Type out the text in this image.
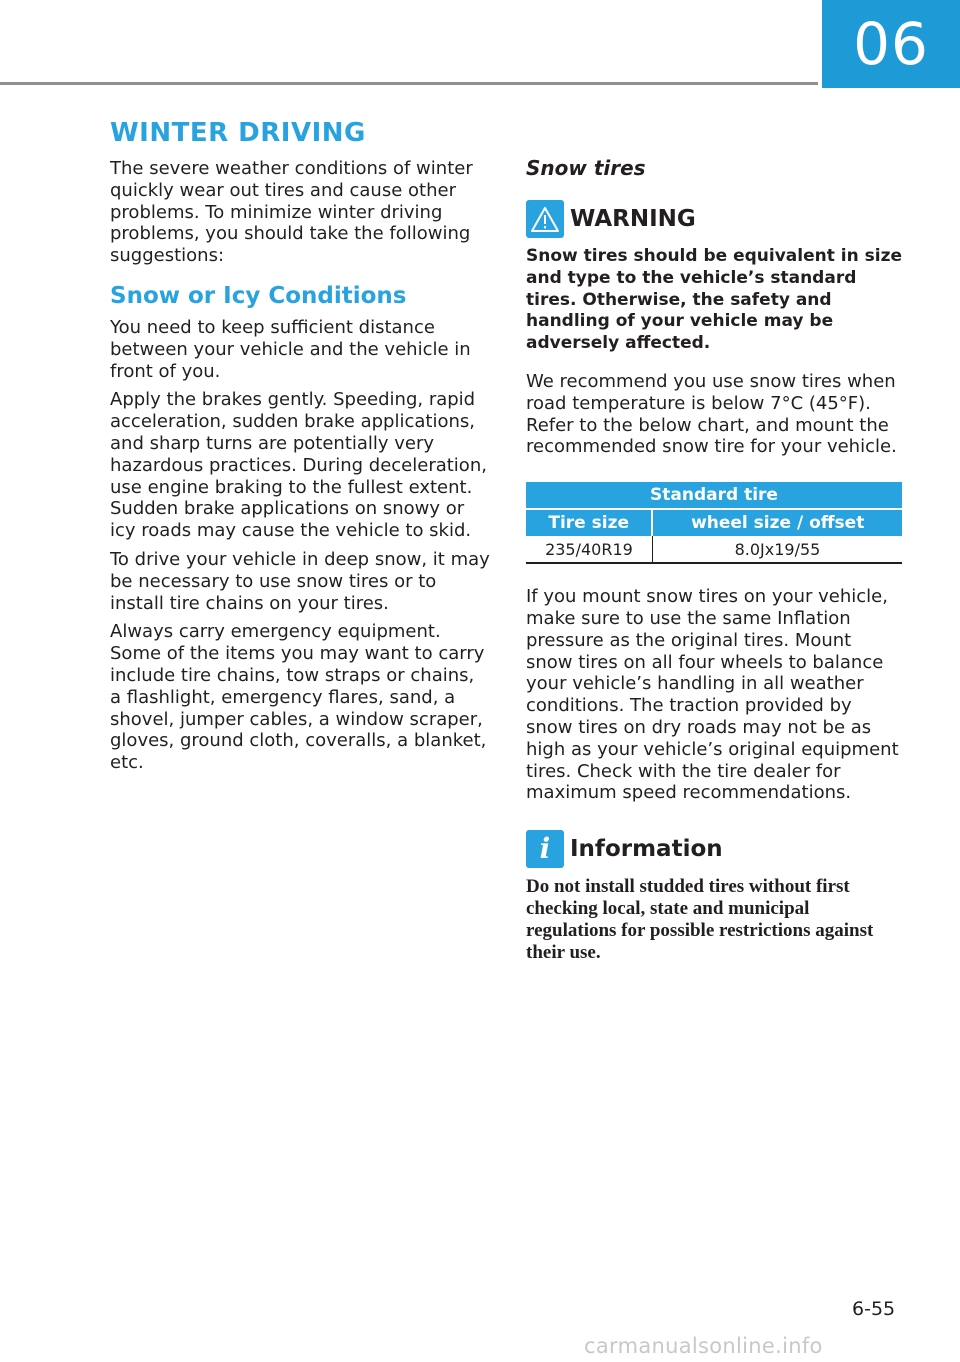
06
WINTER DRIVING

The severe weather conditions of winter quickly wear out tires and cause other problems. To minimize winter driving problems, you should take the following suggestions:

Snow or Icy Conditions

You need to keep sufficient distance between your vehicle and the vehicle in front of you.

Apply the brakes gently. Speeding, rapid acceleration, sudden brake applications, and sharp turns are potentially very hazardous practices. During deceleration, use engine braking to the fullest extent. Sudden brake applications on snowy or icy roads may cause the vehicle to skid.

To drive your vehicle in deep snow, it may be necessary to use snow tires or to install tire chains on your tires.

Always carry emergency equipment. Some of the items you may want to carry include tire chains, tow straps or chains, a flashlight, emergency flares, sand, a shovel, jumper cables, a window scraper, gloves, ground cloth, coveralls, a blanket, etc.

Snow tires
WARNING

Snow tires should be equivalent in size and type to the vehicle’s standard tires. Otherwise, the safety and handling of your vehicle may be adversely affected.

We recommend you use snow tires when road temperature is below 7°C (45°F). Refer to the below chart, and mount the recommended snow tire for your vehicle.

Standard tire	
Tire size	wheel size / offset
235/40R19	8.0Jx19/55

If you mount snow tires on your vehicle, make sure to use the same Inflation pressure as the original tires. Mount snow tires on all four wheels to balance your vehicle’s handling in all weather conditions. The traction provided by snow tires on dry roads may not be as high as your vehicle’s original equipment tires. Check with the tire dealer for maximum speed recommendations.

i Information

Do not install studded tires without first checking local, state and municipal regulations for possible restrictions against their use.

6-55
carmanualsonline.info
